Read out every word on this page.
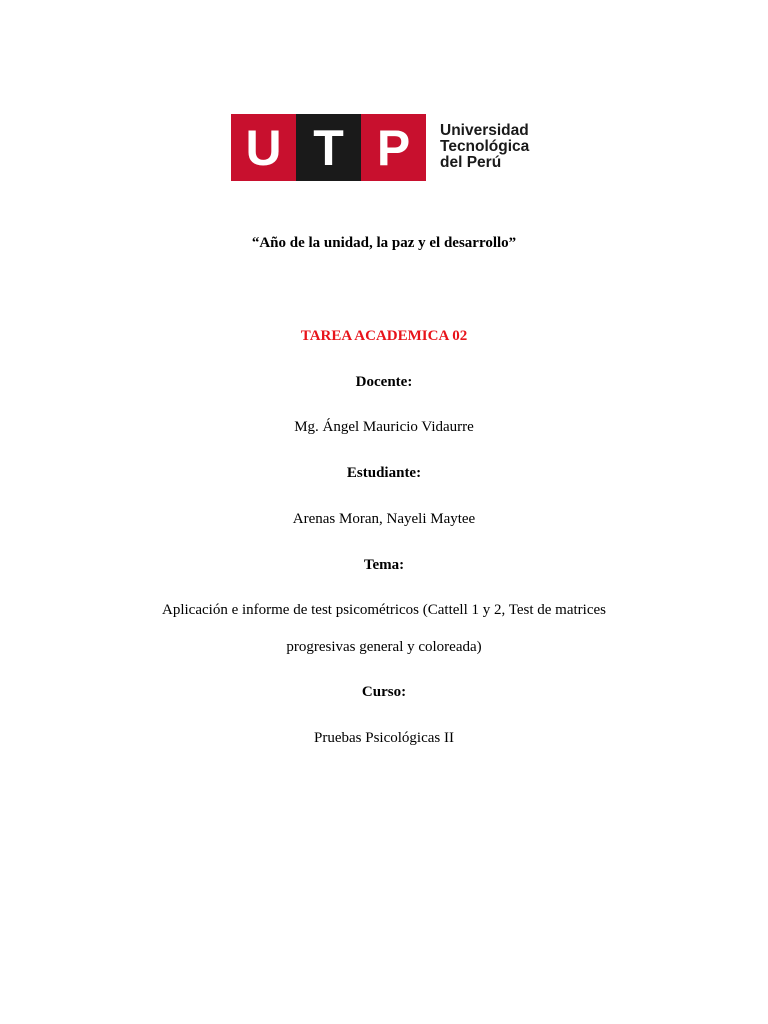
U T P	Universidad
Tecnológica
del Perú
“Año de la unidad, la paz y el desarrollo”
TAREA ACADEMICA 02
Docente:
Mg. Ángel Mauricio Vidaurre
Estudiante:
Arenas Moran, Nayeli Maytee
Tema:
Aplicación e informe de test psicométricos (Cattell 1 y 2, Test de matrices
progresivas general y coloreada)
Curso:
Pruebas Psicológicas II
